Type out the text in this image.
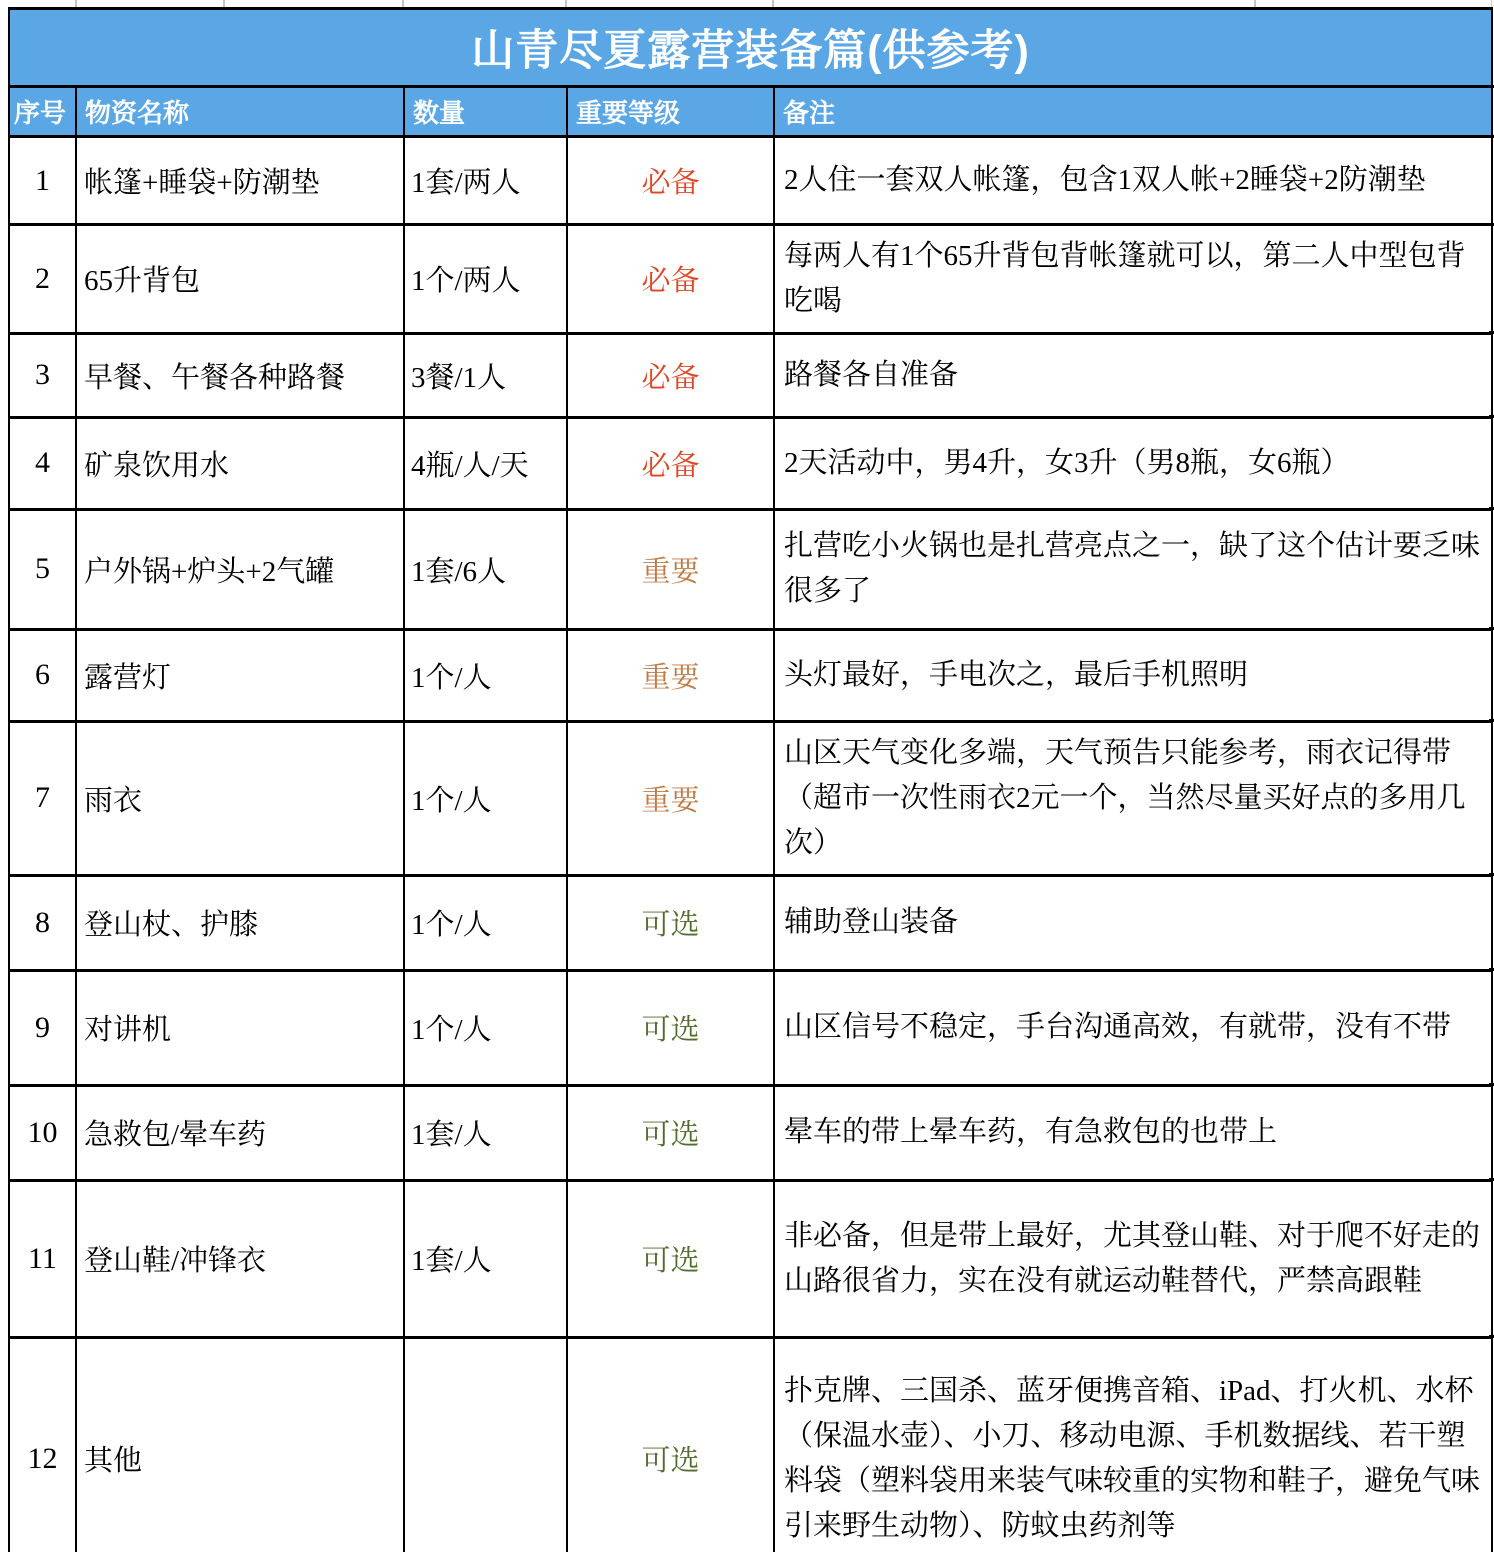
山青尽夏露营装备篇(供参考)				
序号	物资名称	数量	重要等级	备注
1	帐篷+睡袋+防潮垫	1套/两人	必备	2人住一套双人帐篷，包含1双人帐+2睡袋+2防潮垫
2	65升背包	1个/两人	必备	每两人有1个65升背包背帐篷就可以，第二人中型包背吃喝
3	早餐、午餐各种路餐	3餐/1人	必备	路餐各自准备
4	矿泉饮用水	4瓶/人/天	必备	2天活动中，男4升，女3升（男8瓶，女6瓶）
5	户外锅+炉头+2气罐	1套/6人	重要	扎营吃小火锅也是扎营亮点之一，缺了这个估计要乏味很多了
6	露营灯	1个/人	重要	头灯最好，手电次之，最后手机照明
7	雨衣	1个/人	重要	山区天气变化多端，天气预告只能参考，雨衣记得带（超市一次性雨衣2元一个，当然尽量买好点的多用几次）
8	登山杖、护膝	1个/人	可选	辅助登山装备
9	对讲机	1个/人	可选	山区信号不稳定，手台沟通高效，有就带，没有不带
10	急救包/晕车药	1套/人	可选	晕车的带上晕车药，有急救包的也带上
11	登山鞋/冲锋衣	1套/人	可选	非必备，但是带上最好，尤其登山鞋、对于爬不好走的山路很省力，实在没有就运动鞋替代，严禁高跟鞋
12	其他		可选	扑克牌、三国杀、蓝牙便携音箱、iPad、打火机、水杯（保温水壶）、小刀、移动电源、手机数据线、若干塑料袋（塑料袋用来装气味较重的实物和鞋子，避免气味引来野生动物）、防蚊虫药剂等
